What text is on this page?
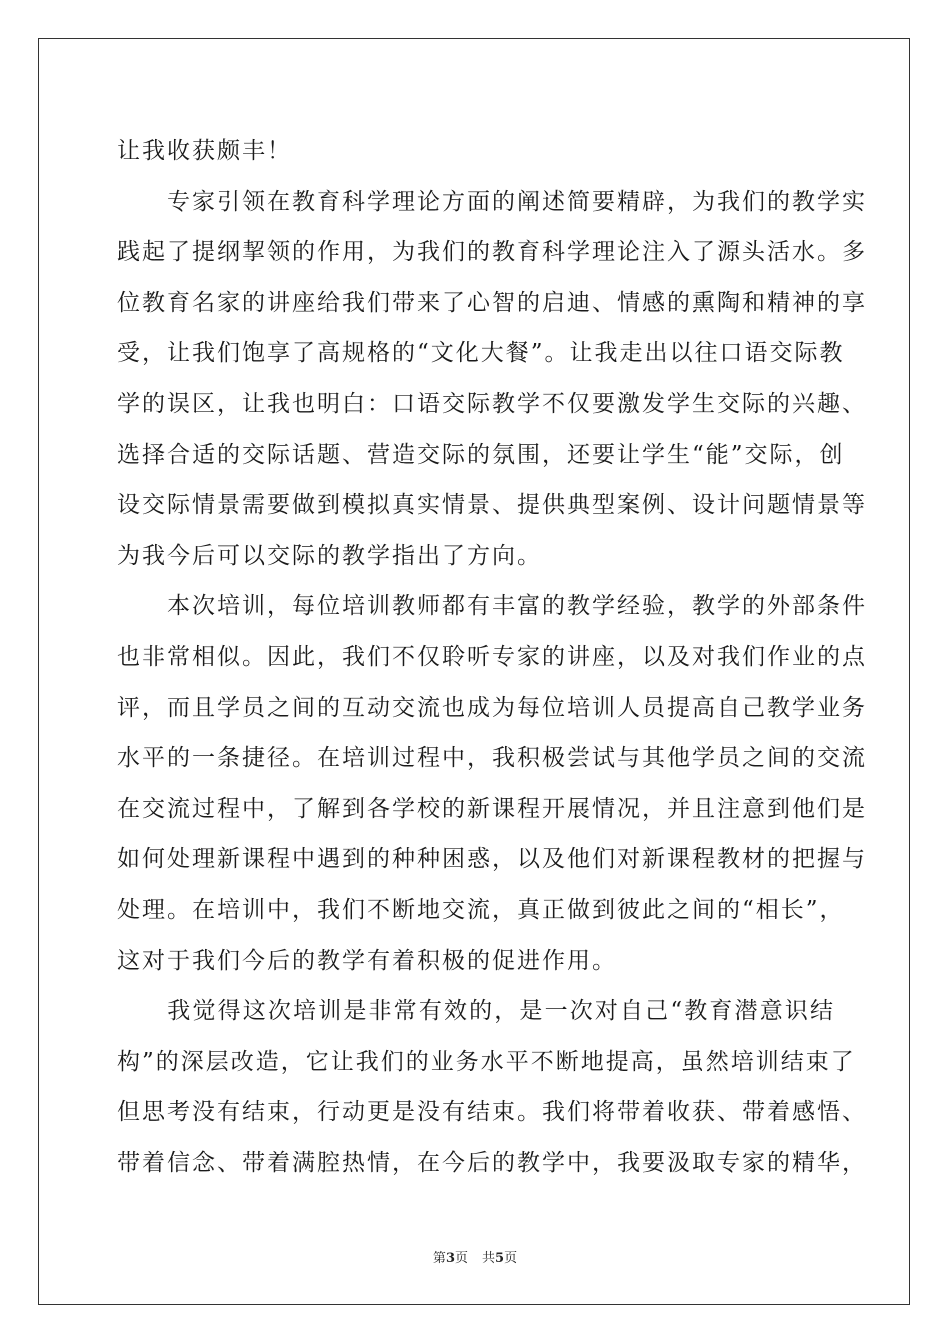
让我收获颇丰！
　　专家引领在教育科学理论方面的阐述简要精辟，为我们的教学实
践起了提纲挈领的作用，为我们的教育科学理论注入了源头活水。多
位教育名家的讲座给我们带来了心智的启迪、情感的熏陶和精神的享
受，让我们饱享了高规格的“文化大餐”。让我走出以往口语交际教
学的误区，让我也明白：口语交际教学不仅要激发学生交际的兴趣、
选择合适的交际话题、营造交际的氛围，还要让学生“能”交际，创
设交际情景需要做到模拟真实情景、提供典型案例、设计问题情景等
为我今后可以交际的教学指出了方向。
　　本次培训，每位培训教师都有丰富的教学经验，教学的外部条件
也非常相似。因此，我们不仅聆听专家的讲座，以及对我们作业的点
评，而且学员之间的互动交流也成为每位培训人员提高自己教学业务
水平的一条捷径。在培训过程中，我积极尝试与其他学员之间的交流
在交流过程中，了解到各学校的新课程开展情况，并且注意到他们是
如何处理新课程中遇到的种种困惑，以及他们对新课程教材的把握与
处理。在培训中，我们不断地交流，真正做到彼此之间的“相长”，
这对于我们今后的教学有着积极的促进作用。
　　我觉得这次培训是非常有效的，是一次对自己“教育潜意识结
构”的深层改造，它让我们的业务水平不断地提高，虽然培训结束了
但思考没有结束，行动更是没有结束。我们将带着收获、带着感悟、
带着信念、带着满腔热情，在今后的教学中，我要汲取专家的精华，
第3页 共5页
